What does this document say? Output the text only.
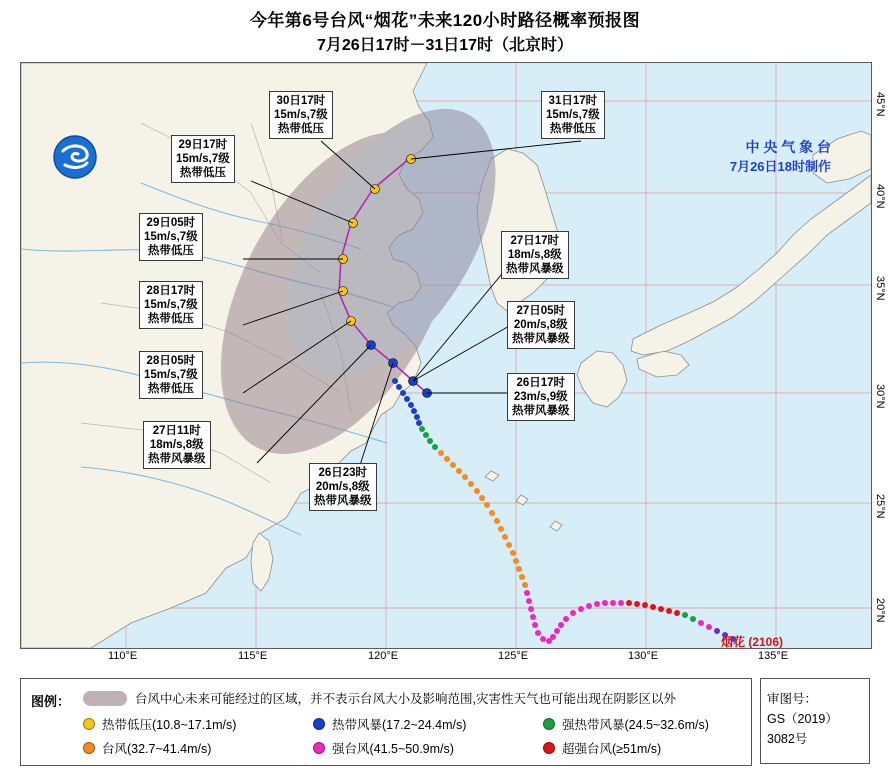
今年第6号台风“烟花”未来120小时路径概率预报图
7月26日17时－31日17时（北京时）
中 央 气 象 台
7月26日18时制作
烟花 (2106)
30日17时
15m/s,7级
热带低压
29日17时
15m/s,7级
热带低压
29日05时
15m/s,7级
热带低压
28日17时
15m/s,7级
热带低压
28日05时
15m/s,7级
热带低压
27日11时
18m/s,8级
热带风暴级
26日23时
20m/s,8级
热带风暴级
31日17时
15m/s,7级
热带低压
27日17时
18m/s,8级
热带风暴级
27日05时
20m/s,8级
热带风暴级
26日17时
23m/s,9级
热带风暴级
110°E	115°E	120°E	125°E	130°E	135°E
45°N
40°N
35°N
30°N
25°N
20°N
图例：	台风中心未来可能经过的区域，并不表示台风大小及影响范围,灾害性天气也可能出现在阴影区以外
热带低压(10.8~17.1m/s)	热带风暴(17.2~24.4m/s)	强热带风暴(24.5~32.6m/s)
台风(32.7~41.4m/s)	强台风(41.5~50.9m/s)	超强台风(≥51m/s)
审图号：
GS（2019）3082号
